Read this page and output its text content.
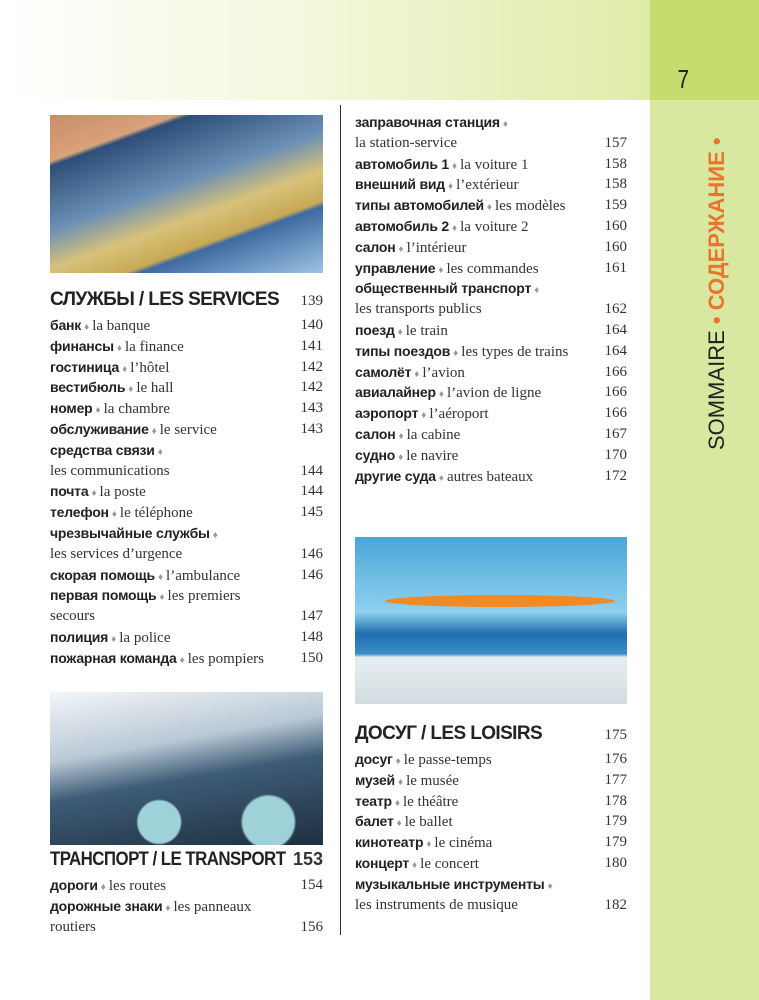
7
SOMMAIRE • СОДЕРЖАНИЕ •
СЛУЖБЫ / LES SERVICES 139
банк ♦ la banque	140
финансы ♦ la finance	141
гостиница ♦ l’hôtel	142
вестибюль ♦ le hall	142
номер ♦ la chambre	143
обслуживание ♦ le service	143
средства связи ♦
les communications	144
почта ♦ la poste	144
телефон ♦ le téléphone	145
чрезвычайные службы ♦
les services d’urgence	146
скорая помощь ♦ l’ambulance	146
первая помощь ♦ les premiers
secours	147
полиция ♦ la police	148
пожарная команда ♦ les pompiers 150
ТРАНСПОРТ / LE TRANSPORT 153
дороги ♦ les routes	154
дорожные знаки ♦ les panneaux
routiers	156
заправочная станция ♦
la station-service	157
автомобиль 1 ♦ la voiture 1	158
внешний вид ♦ l’extérieur	158
типы автомобилей ♦ les modèles	159
автомобиль 2 ♦ la voiture 2	160
салон ♦ l’intérieur	160
управление ♦ les commandes	161
общественный транспорт ♦
les transports publics	162
поезд ♦ le train	164
типы поездов ♦ les types de trains 164
самолёт ♦ l’avion	166
авиалайнер ♦ l’avion de ligne	166
аэропорт ♦ l’aéroport	166
салон ♦ la cabine	167
судно ♦ le navire	170
другие суда ♦ autres bateaux	172
ДОСУГ / LES LOISIRS	175
досуг ♦ le passe-temps	176
музей ♦ le musée	177
театр ♦ le théâtre	178
балет ♦ le ballet	179
кинотеатр ♦ le cinéma	179
концерт ♦ le concert	180
музыкальные инструменты ♦
les instruments de musique	182
